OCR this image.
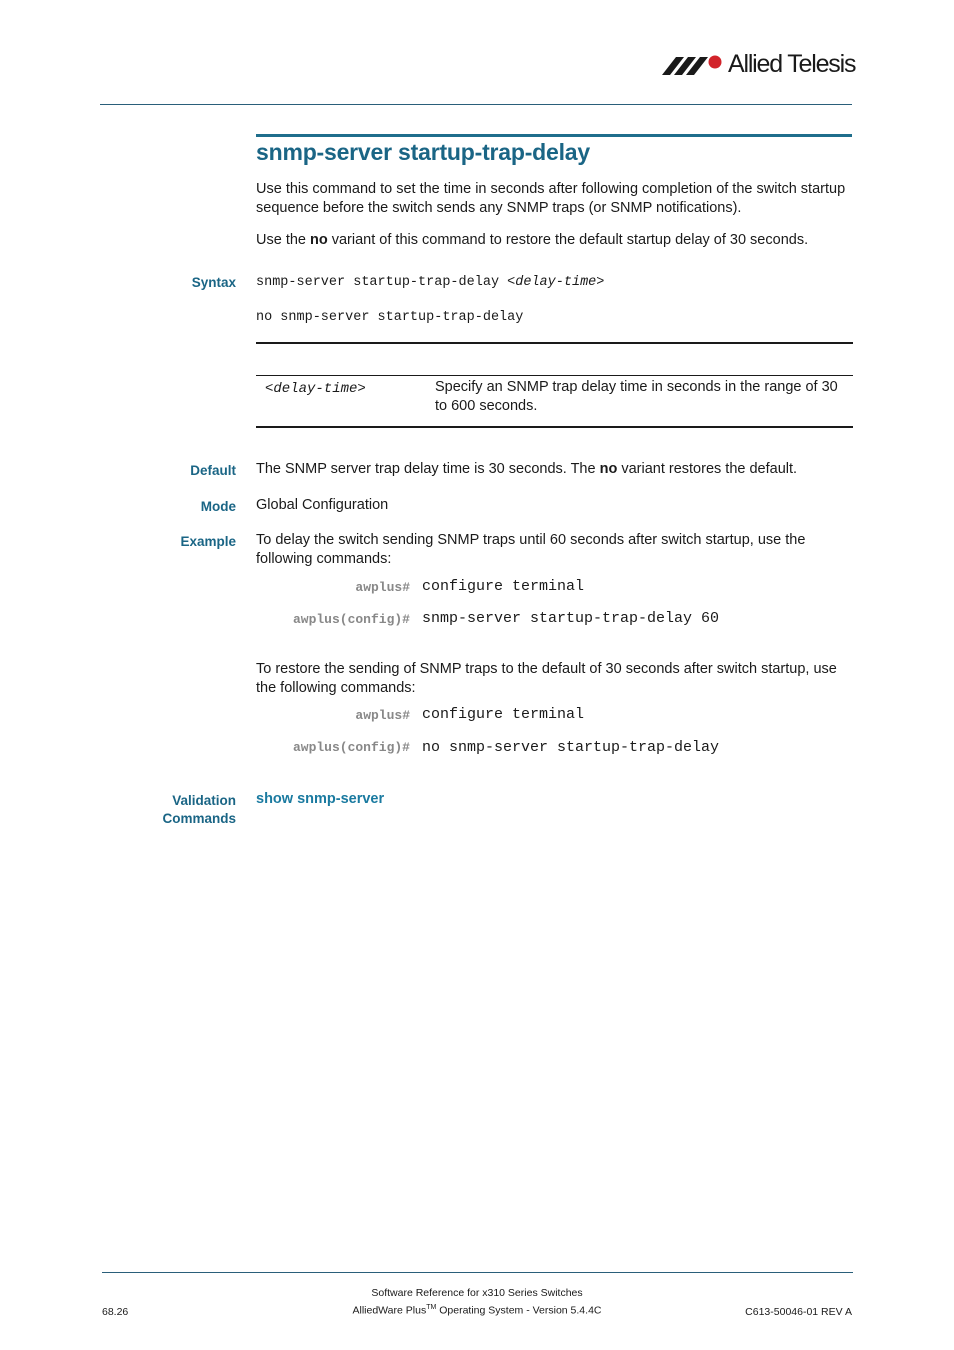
Allied Telesis
snmp-server startup-trap-delay
Use this command to set the time in seconds after following completion of the switch startup sequence before the switch sends any SNMP traps (or SNMP notifications).
Use the no variant of this command to restore the default startup delay of 30 seconds.
Syntax snmp-server startup-trap-delay <delay-time>
no snmp-server startup-trap-delay
<delay-time>	Specify an SNMP trap delay time in seconds in the range of 30 to 600 seconds.
Default The SNMP server trap delay time is 30 seconds. The no variant restores the default.
Mode Global Configuration
Example To delay the switch sending SNMP traps until 60 seconds after switch startup, use the following commands:
awplus# configure terminal
awplus(config)# snmp-server startup-trap-delay 60
To restore the sending of SNMP traps to the default of 30 seconds after switch startup, use the following commands:
awplus# configure terminal
awplus(config)# no snmp-server startup-trap-delay
Validation
Commands
show snmp-server
68.26
Software Reference for x310 Series Switches
AlliedWare Plus™ Operating System - Version 5.4.4C	C613-50046-01 REV A
